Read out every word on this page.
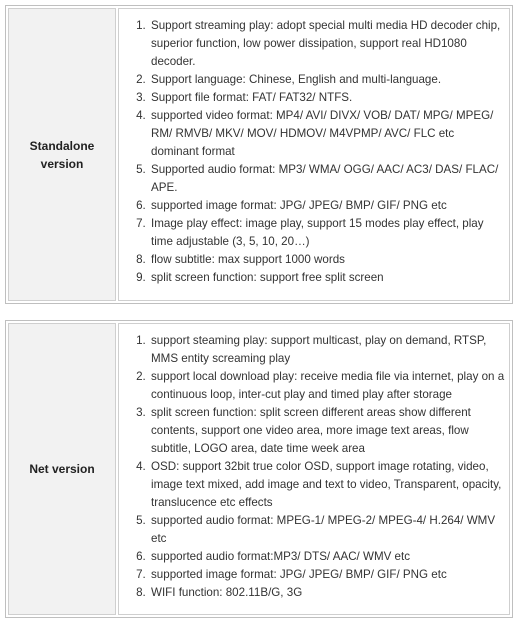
Standalone version
1. Support streaming play: adopt special multi media HD decoder chip, superior function, low power dissipation, support real HD1080 decoder.
2. Support language: Chinese, English and multi-language.
3. Support file format: FAT/ FAT32/ NTFS.
4. supported video format: MP4/ AVI/ DIVX/ VOB/ DAT/ MPG/ MPEG/ RM/ RMVB/ MKV/ MOV/ HDMOV/ M4VPMP/ AVC/ FLC etc dominant format
5. Supported audio format: MP3/ WMA/ OGG/ AAC/ AC3/ DAS/ FLAC/ APE.
6. supported image format: JPG/ JPEG/ BMP/ GIF/ PNG etc
7. Image play effect: image play, support 15 modes play effect, play time adjustable (3, 5, 10, 20…)
8. flow subtitle: max support 1000 words
9. split screen function: support free split screen
Net version
1. support steaming play: support multicast, play on demand, RTSP, MMS entity screaming play
2. support local download play: receive media file via internet, play on a continuous loop, inter-cut play and timed play after storage
3. split screen function: split screen different areas show different contents, support one video area, more image text areas, flow subtitle, LOGO area, date time week area
4. OSD: support 32bit true color OSD, support image rotating, video, image text mixed, add image and text to video, Transparent, opacity, translucence etc effects
5. supported audio format: MPEG-1/ MPEG-2/ MPEG-4/ H.264/ WMV etc
6. supported audio format:MP3/ DTS/ AAC/ WMV etc
7. supported image format: JPG/ JPEG/ BMP/ GIF/ PNG etc
8. WIFI function: 802.11B/G, 3G
